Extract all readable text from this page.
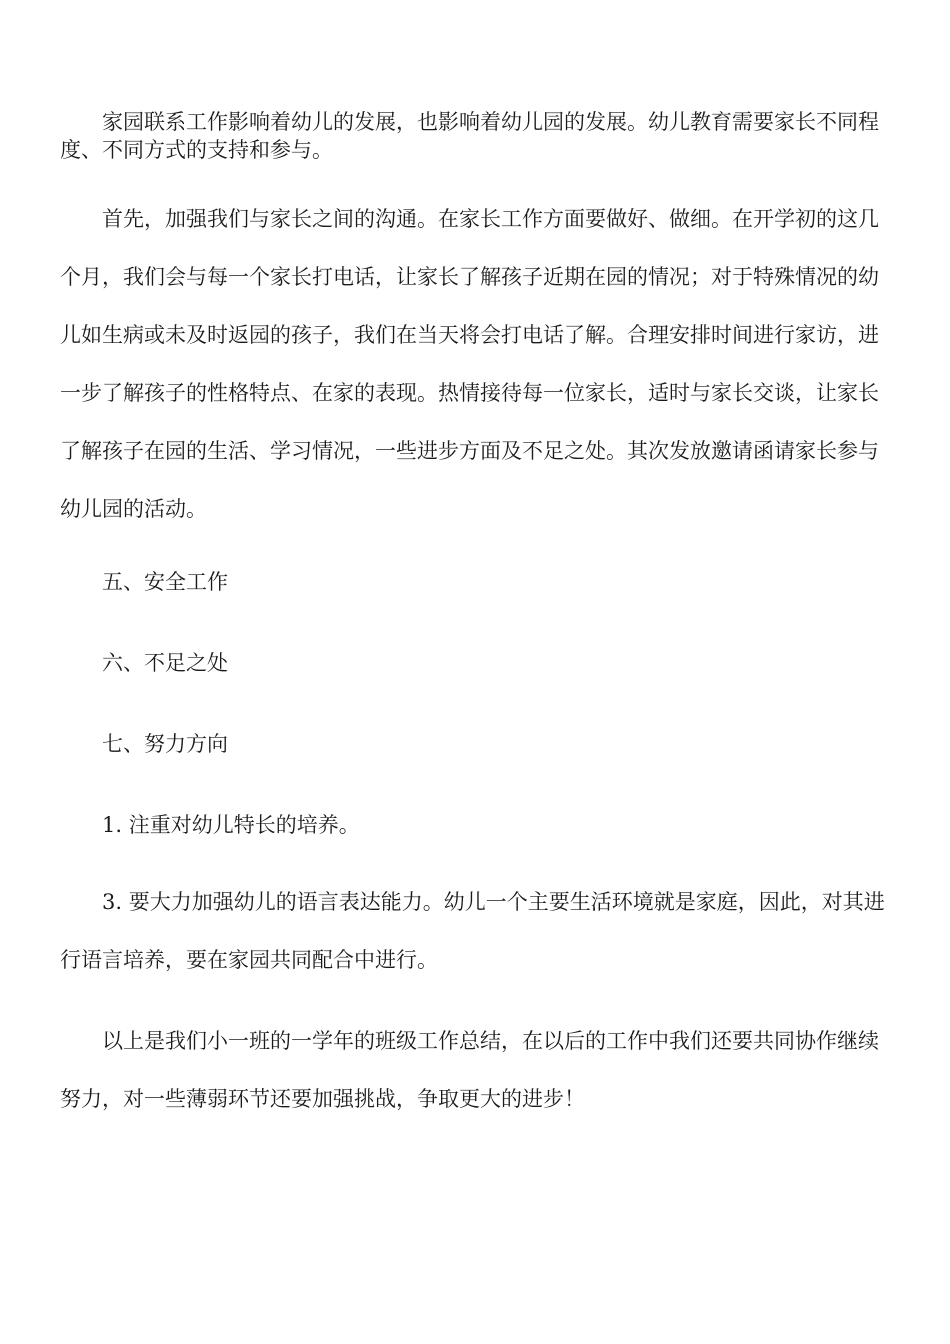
家园联系工作影响着幼儿的发展，也影响着幼儿园的发展。幼儿教育需要家长不同程度、不同方式的支持和参与。

首先，加强我们与家长之间的沟通。在家长工作方面要做好、做细。在开学初的这几个月，我们会与每一个家长打电话，让家长了解孩子近期在园的情况；对于特殊情况的幼儿如生病或未及时返园的孩子，我们在当天将会打电话了解。合理安排时间进行家访，进一步了解孩子的性格特点、在家的表现。热情接待每一位家长，适时与家长交谈，让家长了解孩子在园的生活、学习情况，一些进步方面及不足之处。其次发放邀请函请家长参与幼儿园的活动。

五、安全工作

六、不足之处

七、努力方向

1. 注重对幼儿特长的培养。

3. 要大力加强幼儿的语言表达能力。幼儿一个主要生活环境就是家庭，因此，对其进行语言培养，要在家园共同配合中进行。

以上是我们小一班的一学年的班级工作总结，在以后的工作中我们还要共同协作继续努力，对一些薄弱环节还要加强挑战，争取更大的进步！
